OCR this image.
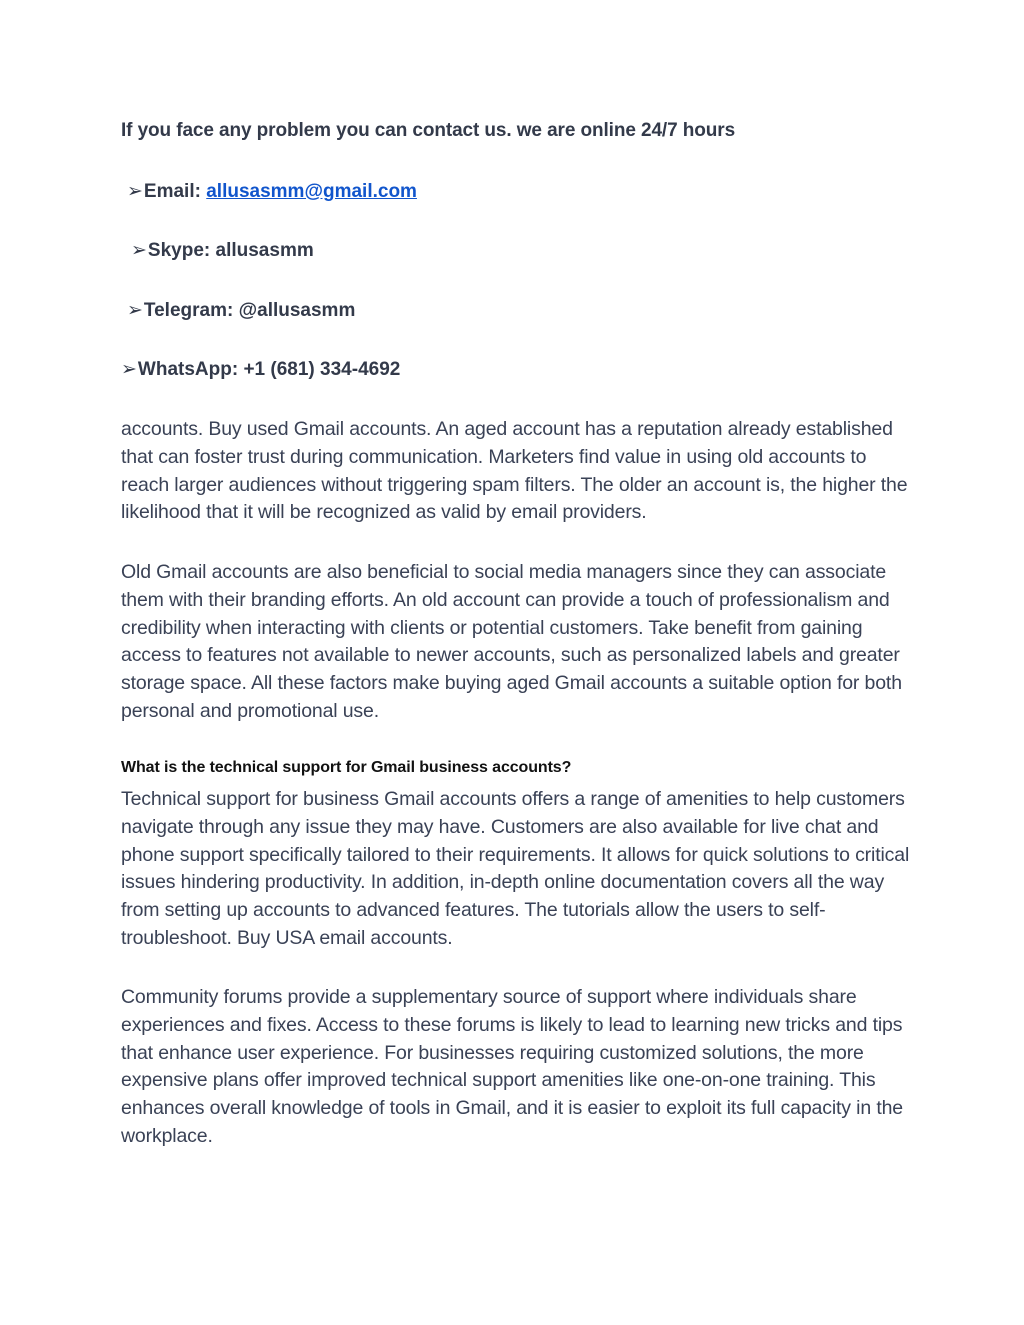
If you face any problem you can contact us. we are online 24/7 hours

➢Email: allusasmm@gmail.com

➢Skype: allusasmm

➢Telegram: @allusasmm

➢WhatsApp: +1 (681) 334-4692

accounts. Buy used Gmail accounts. An aged account has a reputation already established that can foster trust during communication. Marketers find value in using old accounts to reach larger audiences without triggering spam filters. The older an account is, the higher the likelihood that it will be recognized as valid by email providers.

Old Gmail accounts are also beneficial to social media managers since they can associate them with their branding efforts. An old account can provide a touch of professionalism and credibility when interacting with clients or potential customers. Take benefit from gaining access to features not available to newer accounts, such as personalized labels and greater storage space. All these factors make buying aged Gmail accounts a suitable option for both personal and promotional use.

What is the technical support for Gmail business accounts?

Technical support for business Gmail accounts offers a range of amenities to help customers navigate through any issue they may have. Customers are also available for live chat and phone support specifically tailored to their requirements. It allows for quick solutions to critical issues hindering productivity. In addition, in-depth online documentation covers all the way from setting up accounts to advanced features. The tutorials allow the users to self-troubleshoot. Buy USA email accounts.

Community forums provide a supplementary source of support where individuals share experiences and fixes. Access to these forums is likely to lead to learning new tricks and tips that enhance user experience. For businesses requiring customized solutions, the more expensive plans offer improved technical support amenities like one-on-one training. This enhances overall knowledge of tools in Gmail, and it is easier to exploit its full capacity in the workplace.
